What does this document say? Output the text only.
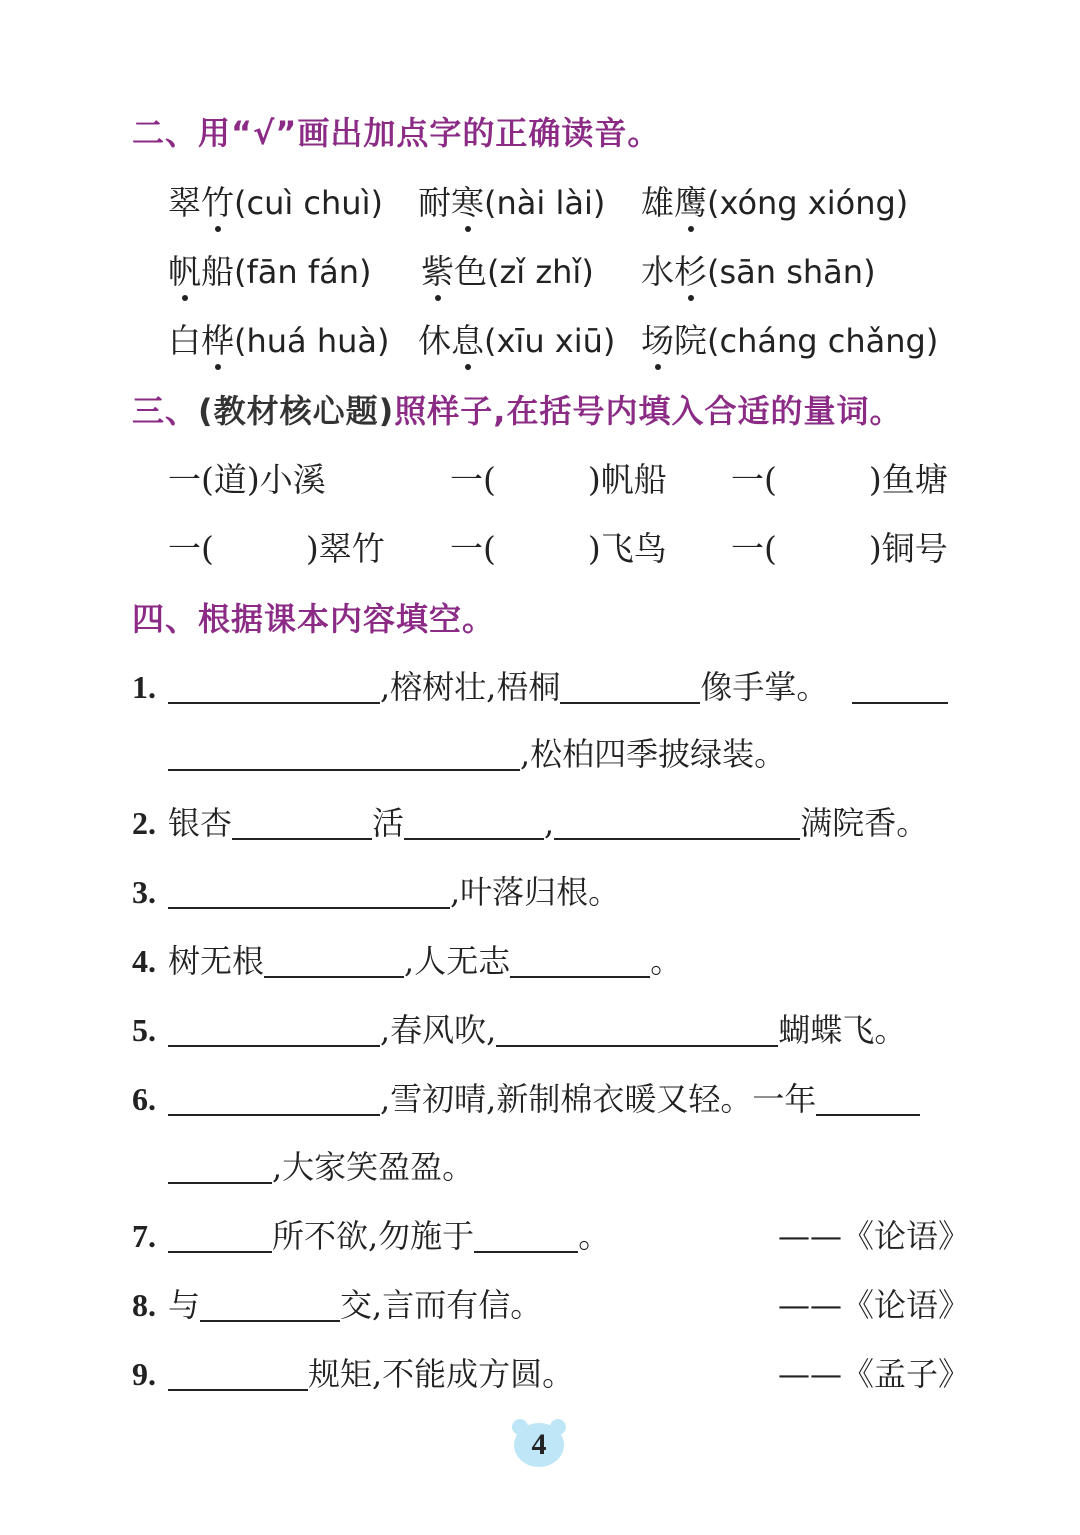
二、用“√”画出加点字的正确读音。
翠竹(cuì chuì) 耐寒(nài lài) 雄鹰(xóng xióng)
帆船(fān fán) 紫色(zǐ zhǐ) 水杉(sān shān)
白桦(huá huà) 休息(xīu xiū) 场院(cháng chǎng)
三、(教材核心题)照样子,在括号内填入合适的量词。
一(道)小溪	一(	)帆船 一(	)鱼塘
一(	)翠竹 一(	)飞鸟 一(	)铜号
四、根据课本内容填空。
1.	,榕树壮,梧桐	像手掌。
,松柏四季披绿装。
2. 银杏	活	,	满院香。
3.	,叶落归根。
4. 树无根	,人无志	。
5.	,春风吹,	蝴蝶飞。
6.	,雪初晴,新制棉衣暖又轻。一年
,大家笑盈盈。
7.	所不欲,勿施于	。	——《论语》
8. 与	交,言而有信。	——《论语》
9.	规矩,不能成方圆。	——《孟子》
4
